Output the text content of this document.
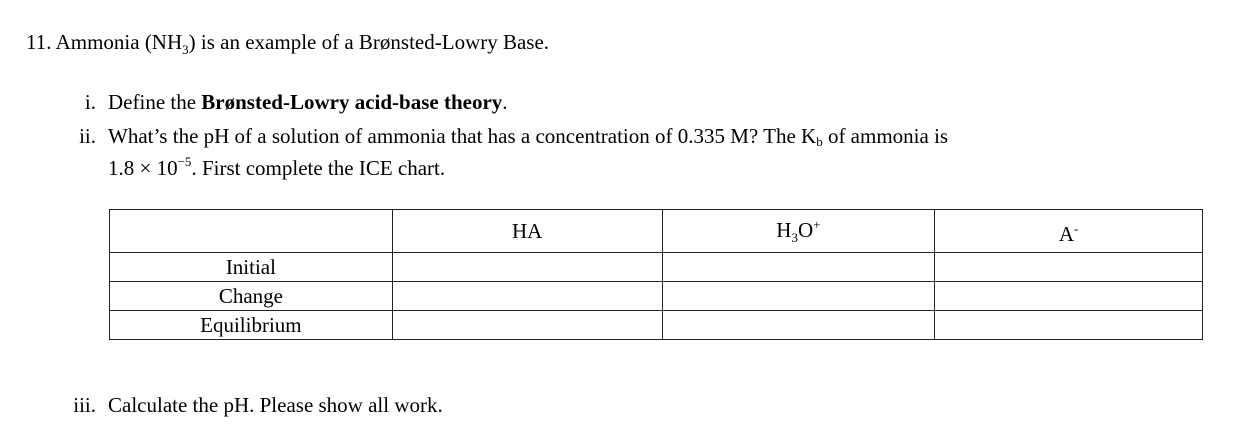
11. Ammonia $(NH_3)$ is an example of a Brønsted-Lowry Base.
i. Define the Brønsted-Lowry acid-base theory.
ii. What’s the pH of a solution of ammonia that has a concentration of 0.335 M? The Kb of ammonia is
$1.8 \times 10^{-5}$. First complete the ICE chart.
	HA	$H_3O^+$	A-
Initial			
Change			
Equilibrium			
iii. Calculate the pH. Please show all work.
